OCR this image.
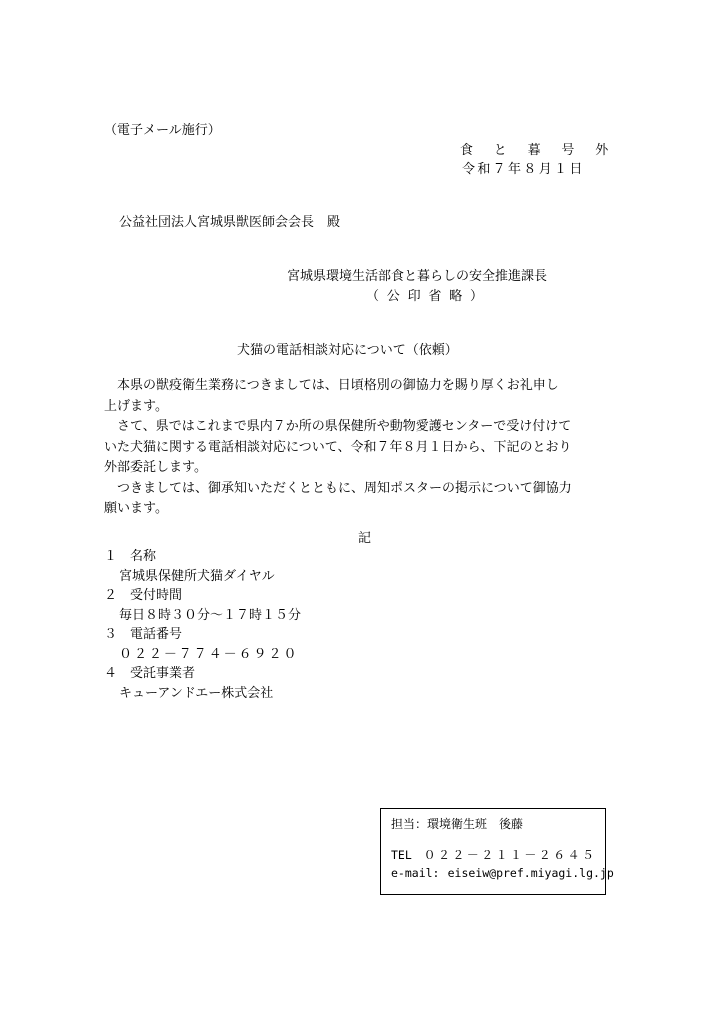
（電子メール施行）
食と暮号外
令和７年８月１日
公益社団法人宮城県獣医師会会長　殿
宮城県環境生活部食と暮らしの安全推進課長
（公印省略）
犬猫の電話相談対応について（依頼）
本県の獣疫衛生業務につきましては、日頃格別の御協力を賜り厚くお礼申し
上げます。
さて、県ではこれまで県内７か所の県保健所や動物愛護センターで受け付けて
いた犬猫に関する電話相談対応について、令和７年８月１日から、下記のとおり
外部委託します。
つきましては、御承知いただくとともに、周知ポスターの掲示について御協力
願います。
記
１　名称
宮城県保健所犬猫ダイヤル
２　受付時間
毎日８時３０分〜１７時１５分
３　電話番号
０２２－７７４－６９２０
４　受託事業者
キューアンドエー株式会社
担当：環境衛生班　後藤
TEL ０２２－２１１－２６４５
e-mail: eiseiw@pref.miyagi.lg.jp
